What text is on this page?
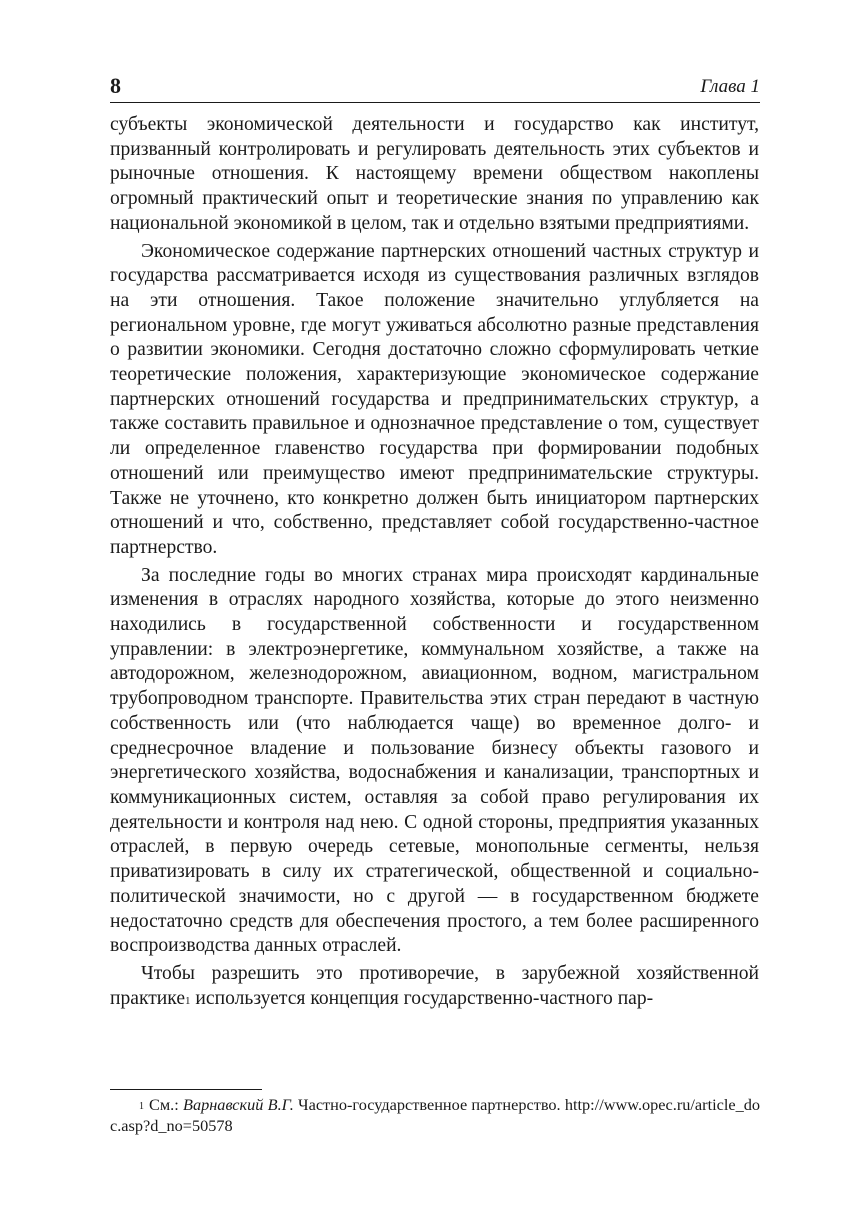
8	Глава 1

субъекты экономической деятельности и государство как институт, призванный контролировать и регулировать деятельность этих субъектов и рыночные отношения. К настоящему времени обществом накоплены огромный практический опыт и теоретические знания по управлению как национальной экономикой в целом, так и отдельно взятыми предприятиями.

Экономическое содержание партнерских отношений частных структур и государства рассматривается исходя из существования различных взглядов на эти отношения. Такое положение значительно углубляется на региональном уровне, где могут уживаться абсолютно разные представления о развитии экономики. Сегодня достаточно сложно сформулировать четкие теоретические положения, характеризующие экономическое содержание партнерских отношений государства и предпринимательских структур, а также составить правильное и однозначное представление о том, существует ли определенное главенство государства при формировании подобных отношений или преимущество имеют предпринимательские структуры. Также не уточнено, кто конкретно должен быть инициатором партнерских отношений и что, собственно, представляет собой государственно-частное партнерство.

За последние годы во многих странах мира происходят кардинальные изменения в отраслях народного хозяйства, которые до этого неизменно находились в государственной собственности и государственном управлении: в электроэнергетике, коммунальном хозяйстве, а также на автодорожном, железнодорожном, авиационном, водном, магистральном трубопроводном транспорте. Правительства этих стран передают в частную собственность или (что наблюдается чаще) во временное долго- и среднесрочное владение и пользование бизнесу объекты газового и энергетического хозяйства, водоснабжения и канализации, транспортных и коммуникационных систем, оставляя за собой право регулирования их деятельности и контроля над нею. С одной стороны, предприятия указанных отраслей, в первую очередь сетевые, монопольные сегменты, нельзя приватизировать в силу их стратегической, общественной и социально-политической значимости, но с другой — в государственном бюджете недостаточно средств для обеспечения простого, а тем более расширенного воспроизводства данных отраслей.

Чтобы разрешить это противоречие, в зарубежной хозяйственной практике$^1$ используется концепция государственно-частного пар-

$^1$ См.: Варнавский В.Г. Частно-государственное партнерство. http://www.opec.ru/article_doc.asp?d_no=50578
